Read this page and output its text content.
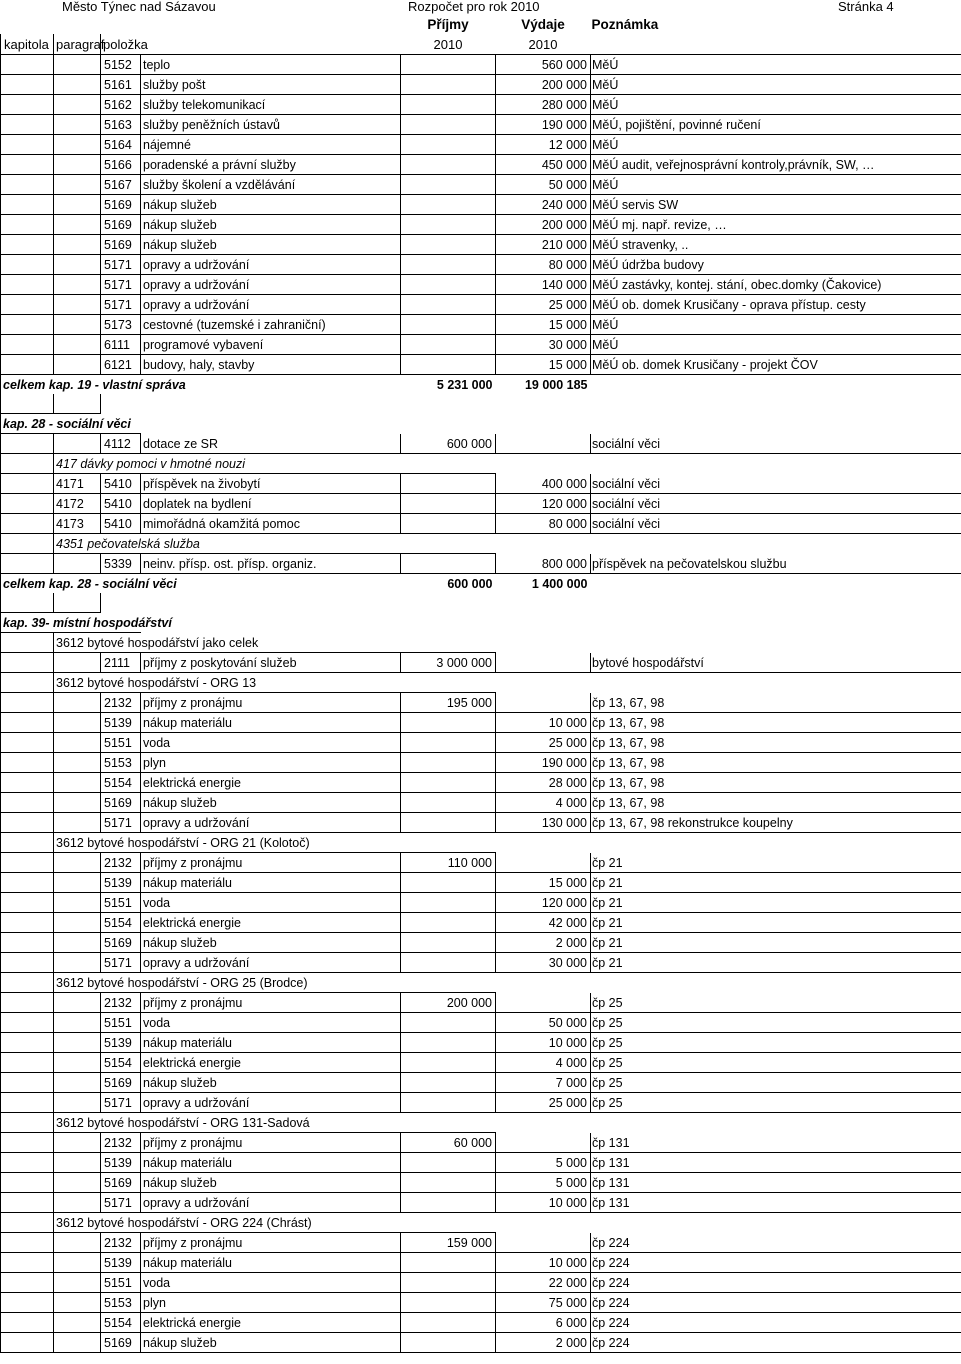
Město Týnec nad Sázavou	Rozpočet pro rok 2010	Stránka 4
				Příjmy	Výdaje	Poznámka
kapitola	paragraf	položka		2010	2010	
		5152	teplo		560 000	MěÚ
		5161	služby pošt		200 000	MěÚ
		5162	služby telekomunikací		280 000	MěÚ
		5163	služby peněžních ústavů		190 000	MěÚ, pojištění, povinné ručení
		5164	nájemné		12 000	MěÚ
		5166	poradenské a právní služby		450 000	MěÚ audit, veřejnosprávní kontroly,právník, SW, …
		5167	služby školení a vzdělávání		50 000	MěÚ
		5169	nákup služeb		240 000	MěÚ servis SW
		5169	nákup služeb		200 000	MěÚ mj. např. revize, …
		5169	nákup služeb		210 000	MěÚ stravenky, ..
		5171	opravy a udržování		80 000	MěÚ údržba budovy
		5171	opravy a udržování		140 000	MěÚ zastávky, kontej. stání, obec.domky (Čakovice)
		5171	opravy a udržování		25 000	MěÚ ob. domek Krusičany - oprava přístup. cesty
		5173	cestovné (tuzemské i zahraniční)		15 000	MěÚ
		6111	programové vybavení		30 000	MěÚ
		6121	budovy, haly, stavby		15 000	MěÚ ob. domek Krusičany - projekt ČOV
celkem kap. 19 - vlastní správa				5 231 000	19 000 185	

kap. 28 - sociální věci						
		4112	dotace ze SR	600 000		sociální věci
	417 dávky pomoci v hmotné nouzi					
	4171	5410	příspěvek na živobytí		400 000	sociální věci
	4172	5410	doplatek na bydlení		120 000	sociální věci
	4173	5410	mimořádná okamžitá pomoc		80 000	sociální věci
	4351 pečovatelská služba					
		5339	neinv. přísp. ost. přísp. organiz.		800 000	příspěvek na pečovatelskou službu
celkem kap. 28 - sociální věci				600 000	1 400 000	

kap. 39- místní hospodářství						
	3612 bytové hospodářství jako celek					
		2111	příjmy z poskytování služeb	3 000 000		bytové hospodářství
	3612 bytové hospodářství - ORG 13					
		2132	příjmy z pronájmu	195 000		čp 13, 67, 98
		5139	nákup materiálu		10 000	čp 13, 67, 98
		5151	voda		25 000	čp 13, 67, 98
		5153	plyn		190 000	čp 13, 67, 98
		5154	elektrická energie		28 000	čp 13, 67, 98
		5169	nákup služeb		4 000	čp 13, 67, 98
		5171	opravy a udržování		130 000	čp 13, 67, 98 rekonstrukce koupelny
	3612 bytové hospodářství - ORG 21 (Kolotoč)					
		2132	příjmy z pronájmu	110 000		čp 21
		5139	nákup materiálu		15 000	čp 21
		5151	voda		120 000	čp 21
		5154	elektrická energie		42 000	čp 21
		5169	nákup služeb		2 000	čp 21
		5171	opravy a udržování		30 000	čp 21
	3612 bytové hospodářství - ORG 25 (Brodce)					
		2132	příjmy z pronájmu	200 000		čp 25
		5151	voda		50 000	čp 25
		5139	nákup materiálu		10 000	čp 25
		5154	elektrická energie		4 000	čp 25
		5169	nákup služeb		7 000	čp 25
		5171	opravy a udržování		25 000	čp 25
	3612 bytové hospodářství - ORG 131-Sadová					
		2132	příjmy z pronájmu	60 000		čp 131
		5139	nákup materiálu		5 000	čp 131
		5169	nákup služeb		5 000	čp 131
		5171	opravy a udržování		10 000	čp 131
	3612 bytové hospodářství - ORG 224 (Chrást)					
		2132	příjmy z pronájmu	159 000		čp 224
		5139	nákup materiálu		10 000	čp 224
		5151	voda		22 000	čp 224
		5153	plyn		75 000	čp 224
		5154	elektrická energie		6 000	čp 224
		5169	nákup služeb		2 000	čp 224
